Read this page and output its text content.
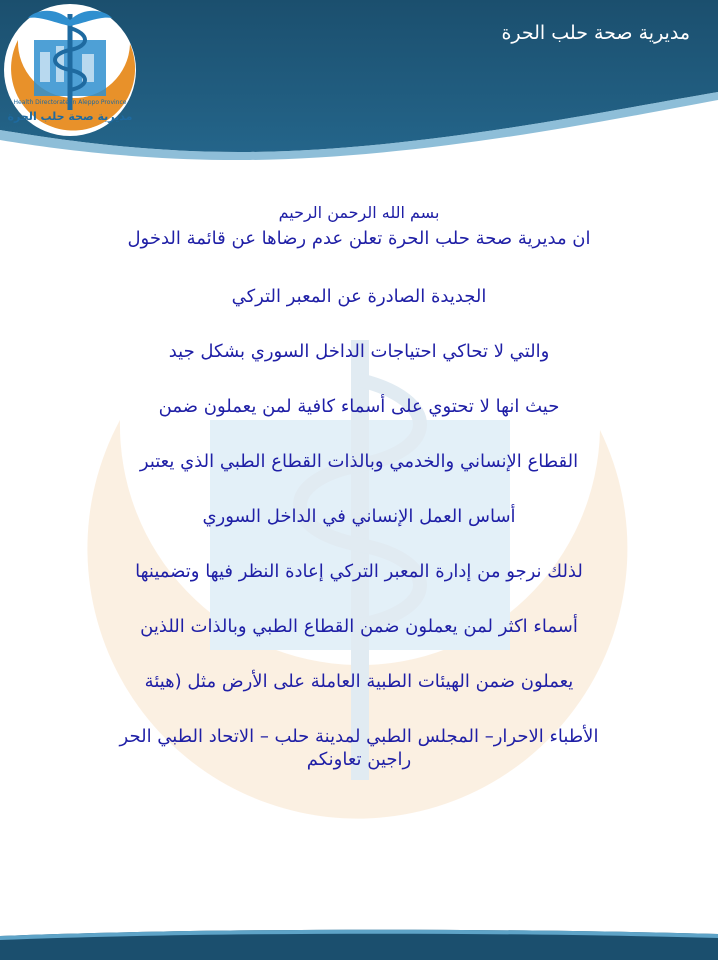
Health Directorate in Aleppo Province
مديرية صحة حلب الحرة
مديرية صحة حلب الحرة

بسم الله الرحمن الرحيم

ان مديرية صحة حلب الحرة تعلن عدم رضاها عن قائمة الدخول

الجديدة الصادرة عن المعبر التركي

والتي لا تحاكي احتياجات الداخل السوري بشكل جيد

حيث انها لا تحتوي على أسماء كافية لمن يعملون ضمن

القطاع الإنساني والخدمي وبالذات القطاع الطبي الذي يعتبر

أساس العمل الإنساني في الداخل السوري

لذلك نرجو من إدارة المعبر التركي إعادة النظر فيها وتضمينها

أسماء اكثر لمن يعملون ضمن القطاع الطبي وبالذات اللذين

يعملون ضمن الهيئات الطبية العاملة على الأرض مثل (هيئة

الأطباء الاحرار– المجلس الطبي لمدينة حلب – الاتحاد الطبي الحر

راجين تعاونكم
